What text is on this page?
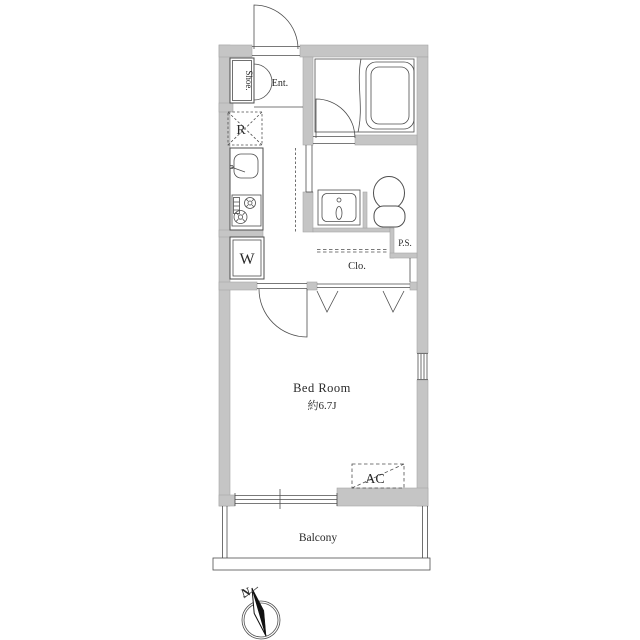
Shoe. Ent.
R
W	Clo.
P.S.
Bed Room
約6.7J
AC
Balcony
N
